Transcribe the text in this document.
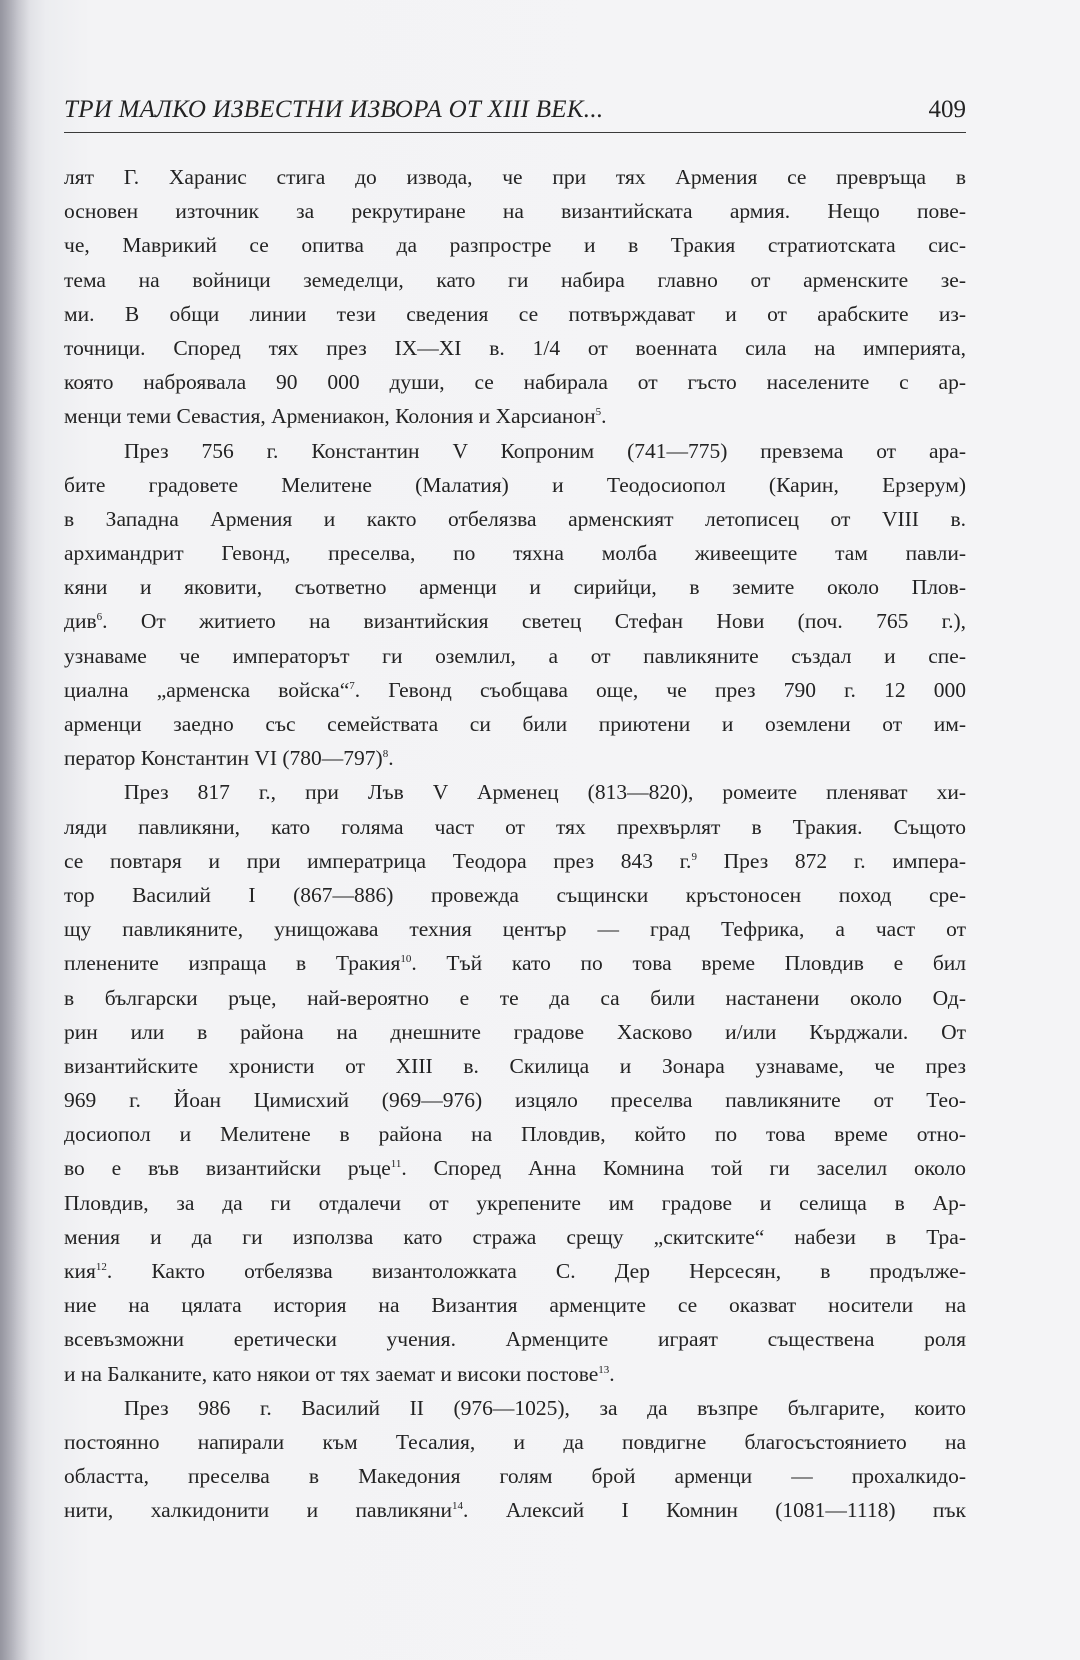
ТРИ МАЛКО ИЗВЕСТНИ ИЗВОРА ОТ XIII ВЕК...	409
лят Г. Харанис стига до извода, че при тях Армения се превръща в
основен източник за рекрутиране на византийската армия. Нещо пове-
че, Маврикий се опитва да разпростре и в Тракия стратиотската сис-
тема на войници земеделци, като ги набира главно от арменските зе-
ми. В общи линии тези сведения се потвърждават и от арабските из-
точници. Според тях през IX—XI в. 1/4 от военната сила на империята,
която наброявала 90 000 души, се набирала от гъсто населените с ар-
менци теми Севастия, Армениакон, Колония и Харсианон$^5$.
През 756 г. Константин V Копроним (741—775) превзема от ара-
бите градовете Мелитене (Малатия) и Теодосиопол (Карин, Ерзерум)
в Западна Армения и както отбелязва арменският летописец от VIII в.
архимандрит Гевонд, преселва, по тяхна молба живеещите там павли-
кяни и яковити, съответно арменци и сирийци, в земите около Плов-
див$^6$. От житието на византийския светец Стефан Нови (поч. 765 г.),
узнаваме че императорът ги оземлил, а от павликяните създал и спе-
циална „арменска войска“$^7$. Гевонд съобщава още, че през 790 г. 12 000
арменци заедно със семействата си били приютени и оземлени от им-
ператор Константин VI (780—797)$^8$.
През 817 г., при Лъв V Арменец (813—820), ромеите пленяват хи-
ляди павликяни, като голяма част от тях прехвърлят в Тракия. Същото
се повтаря и при императрица Теодора през 843 г.$^9$ През 872 г. импера-
тор Василий I (867—886) провежда същински кръстоносен поход сре-
щу павликяните, унищожава техния център — град Тефрика, а част от
пленените изпраща в Тракия$^{10}$. Тъй като по това време Пловдив е бил
в български ръце, най-вероятно е те да са били настанени около Од-
рин или в района на днешните градове Хасково и/или Кърджали. От
византийските хронисти от XIII в. Скилица и Зонара узнаваме, че през
969 г. Йоан Цимисхий (969—976) изцяло преселва павликяните от Тео-
досиопол и Мелитене в района на Пловдив, който по това време отно-
во е във византийски ръце$^{11}$. Според Анна Комнина той ги заселил около
Пловдив, за да ги отдалечи от укрепените им градове и селища в Ар-
мения и да ги използва като стража срещу „скитските“ набези в Тра-
кия$^{12}$. Както отбелязва византоложката С. Дер Нерсесян, в продълже-
ние на цялата история на Византия арменците се оказват носители на
всевъзможни еретически учения. Арменците играят съществена роля
и на Балканите, като някои от тях заемат и високи постове$^{13}$.
През 986 г. Василий II (976—1025), за да възпре българите, които
постоянно напирали към Тесалия, и да повдигне благосъстоянието на
областта, преселва в Македония голям брой арменци — прохалкидо-
нити, халкидонити и павликяни$^{14}$. Алексий I Комнин (1081—1118) пък
